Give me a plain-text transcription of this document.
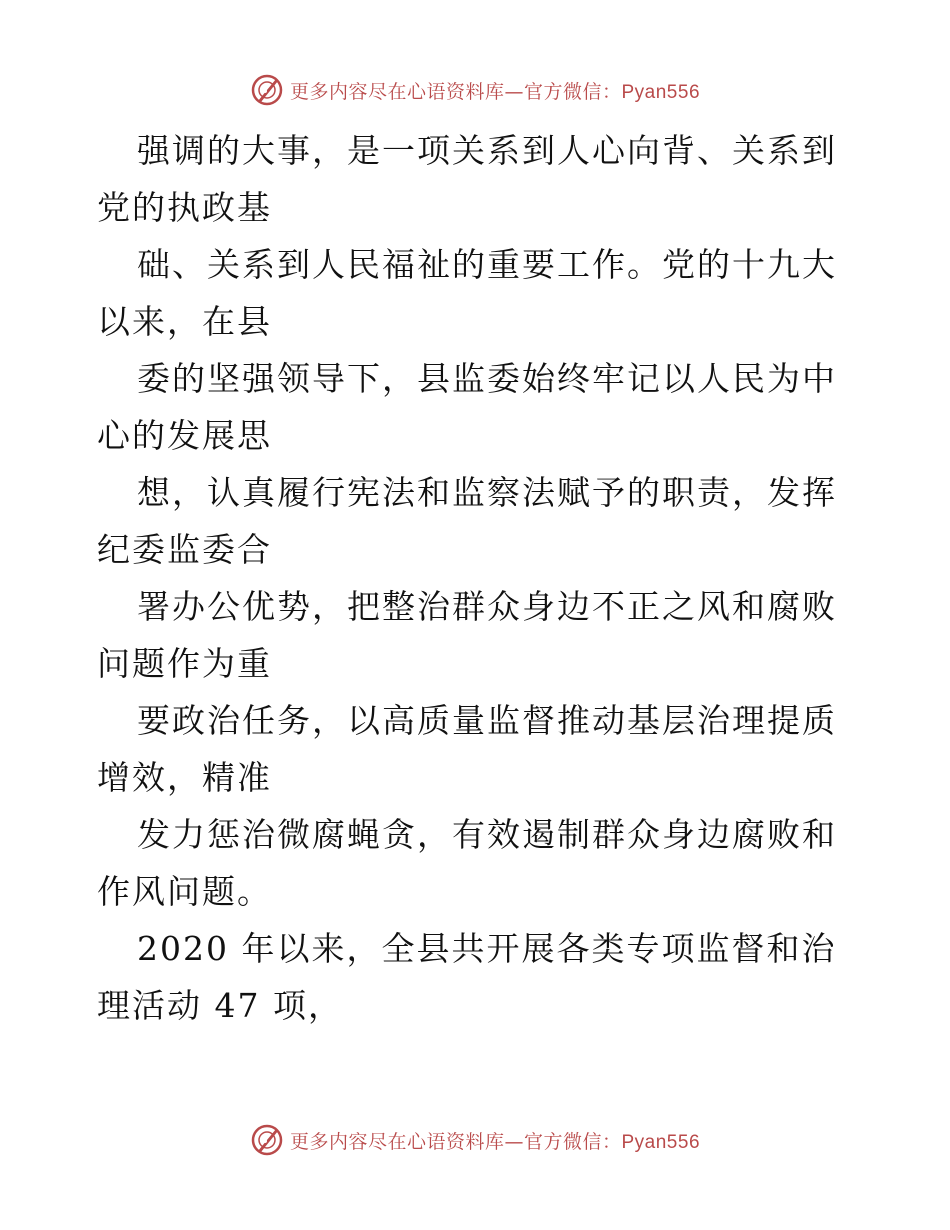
更多内容尽在心语资料库—官方微信：Pyan556

强调的大事，是一项关系到人心向背、关系到党的执政基

础、关系到人民福祉的重要工作。党的十九大以来，在县

委的坚强领导下，县监委始终牢记以人民为中心的发展思

想，认真履行宪法和监察法赋予的职责，发挥纪委监委合

署办公优势，把整治群众身边不正之风和腐败问题作为重

要政治任务，以高质量监督推动基层治理提质增效，精准

发力惩治微腐蝇贪，有效遏制群众身边腐败和作风问题。

2020 年以来，全县共开展各类专项监督和治理活动 47 项，

更多内容尽在心语资料库—官方微信：Pyan556
